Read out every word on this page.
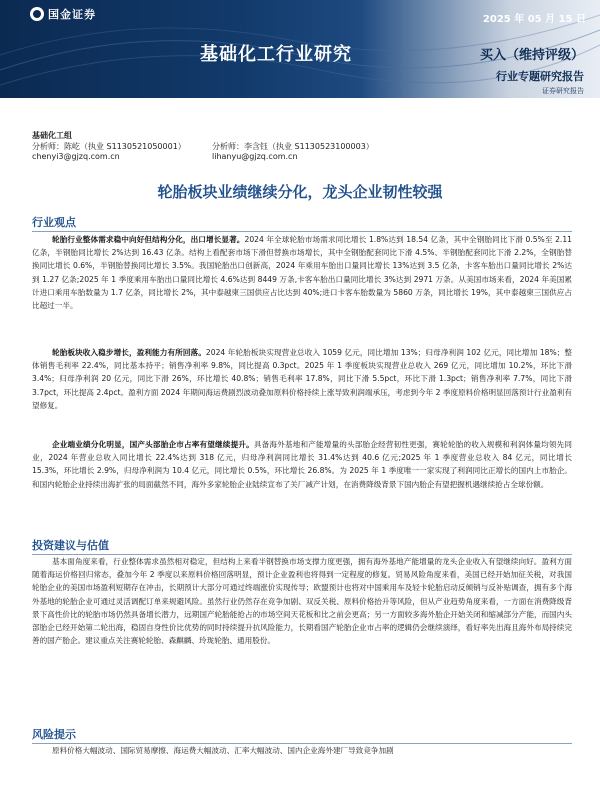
国金证券	2025 年 05 月 15 日
基础化工行业研究	买入（维持评级）
行业专题研究报告
证券研究报告
基础化工组
分析师：陈屹（执业 S1130521050001）	分析师：李含钰（执业 S1130523100003）
chenyi3@gjzq.com.cn	lihanyu@gjzq.com.cn
轮胎板块业绩继续分化，龙头企业韧性较强
行业观点

轮胎行业整体需求稳中向好但结构分化，出口增长显著。2024 年全球轮胎市场需求同比增长 1.8%达到 18.54 亿条，其中全钢胎同比下滑 0.5%至 2.11 亿条，半钢胎同比增长 2%达到 16.43 亿条。结构上看配套市场下滑但替换市场增长，其中全钢胎配套同比下滑 4.5%、半钢胎配套同比下滑 2.2%，全钢胎替换同比增长 0.6%，半钢胎替换同比增长 3.5%。我国轮胎出口创新高，2024 年乘用车胎出口量同比增长 13%达到 3.5 亿条，卡客车胎出口量同比增长 2%达到 1.27 亿条;2025 年 1 季度乘用车胎出口量同比增长 4.6%达到 8449 万条,卡客车胎出口量同比增长 3%达到 2971 万条。从美国市场来看，2024 年美国累计进口乘用车胎数量为 1.7 亿条，同比增长 2%，其中泰越柬三国供应占比达到 40%;进口卡客车胎数量为 5860 万条，同比增长 19%，其中泰越柬三国供应占比超过一半。

轮胎板块收入稳步增长，盈利能力有所回落。2024 年轮胎板块实现营业总收入 1059 亿元，同比增加 13%；归母净利润 102 亿元，同比增加 18%；整体销售毛利率 22.4%，同比基本持平；销售净利率 9.8%，同比提高 0.3pct。2025 年 1 季度板块实现营业总收入 269 亿元，同比增加 10.2%，环比下滑 3.4%；归母净利润 20 亿元，同比下滑 26%，环比增长 40.8%；销售毛利率 17.8%，同比下滑 5.5pct，环比下滑 1.3pct；销售净利率 7.7%，同比下滑 3.7pct，环比提高 2.4pct。盈利方面 2024 年期间海运费剧烈波动叠加原料价格持续上涨导致利润端承压，考虑到今年 2 季度原料价格明显回落预计行业盈利有望修复。

企业端业绩分化明显，国产头部胎企市占率有望继续提升。具备海外基地和产能增量的头部胎企经营韧性更强，赛轮轮胎的收入规模和利润体量均领先同业，2024 年营业总收入同比增长 22.4%达到 318 亿元，归母净利润同比增长 31.4%达到 40.6 亿元;2025 年 1 季度营业总收入 84 亿元，同比增长 15.3%，环比增长 2.9%，归母净利润为 10.4 亿元，同比增长 0.5%，环比增长 26.8%。为 2025 年 1 季度唯一一家实现了利润同比正增长的国内上市胎企。和国内轮胎企业持续出海扩张的局面截然不同，海外多家轮胎企业陆续宣布了关厂减产计划，在消费降级背景下国内胎企有望把握机遇继续抢占全球份额。

投资建议与估值

基本面角度来看，行业整体需求虽然相对稳定，但结构上来看半钢替换市场支撑力度更强，拥有海外基地产能增量的龙头企业收入有望继续向好。盈利方面随着海运价格回归常态，叠加今年 2 季度以来原料价格回落明显，预计企业盈利也将得到一定程度的修复。贸易风险角度来看，美国已经开始加征关税，对我国轮胎企业的美国市场盈利短期存在冲击，长期预计大部分可通过终端涨价实现传导；欧盟预计也将对中国乘用车及轻卡轮胎启动反倾销与反补贴调查，拥有多个海外基地的轮胎企业可通过灵活调配订单来规避风险。虽然行业仍然存在竞争加剧、双反关税、原料价格抬升等风险，但从产业趋势角度来看，一方面在消费降级背景下高性价比的轮胎市场仍然具备增长潜力，远期国产轮胎能抢占的市场空间天花板和比之前会更高；另一方面较多海外胎企开始关闭和缩减部分产能，而国内头部胎企已经开始第二轮出海，稳固自身性价比优势的同时持续提升抗风险能力，长期看国产轮胎企业市占率的逻辑仍会继续演绎，看好率先出海且海外布局持续完善的国产胎企。建议重点关注赛轮轮胎、森麒麟、玲珑轮胎、通用股份。

风险提示

原料价格大幅波动、国际贸易摩擦、海运费大幅波动、汇率大幅波动、国内企业海外建厂导致竞争加剧
